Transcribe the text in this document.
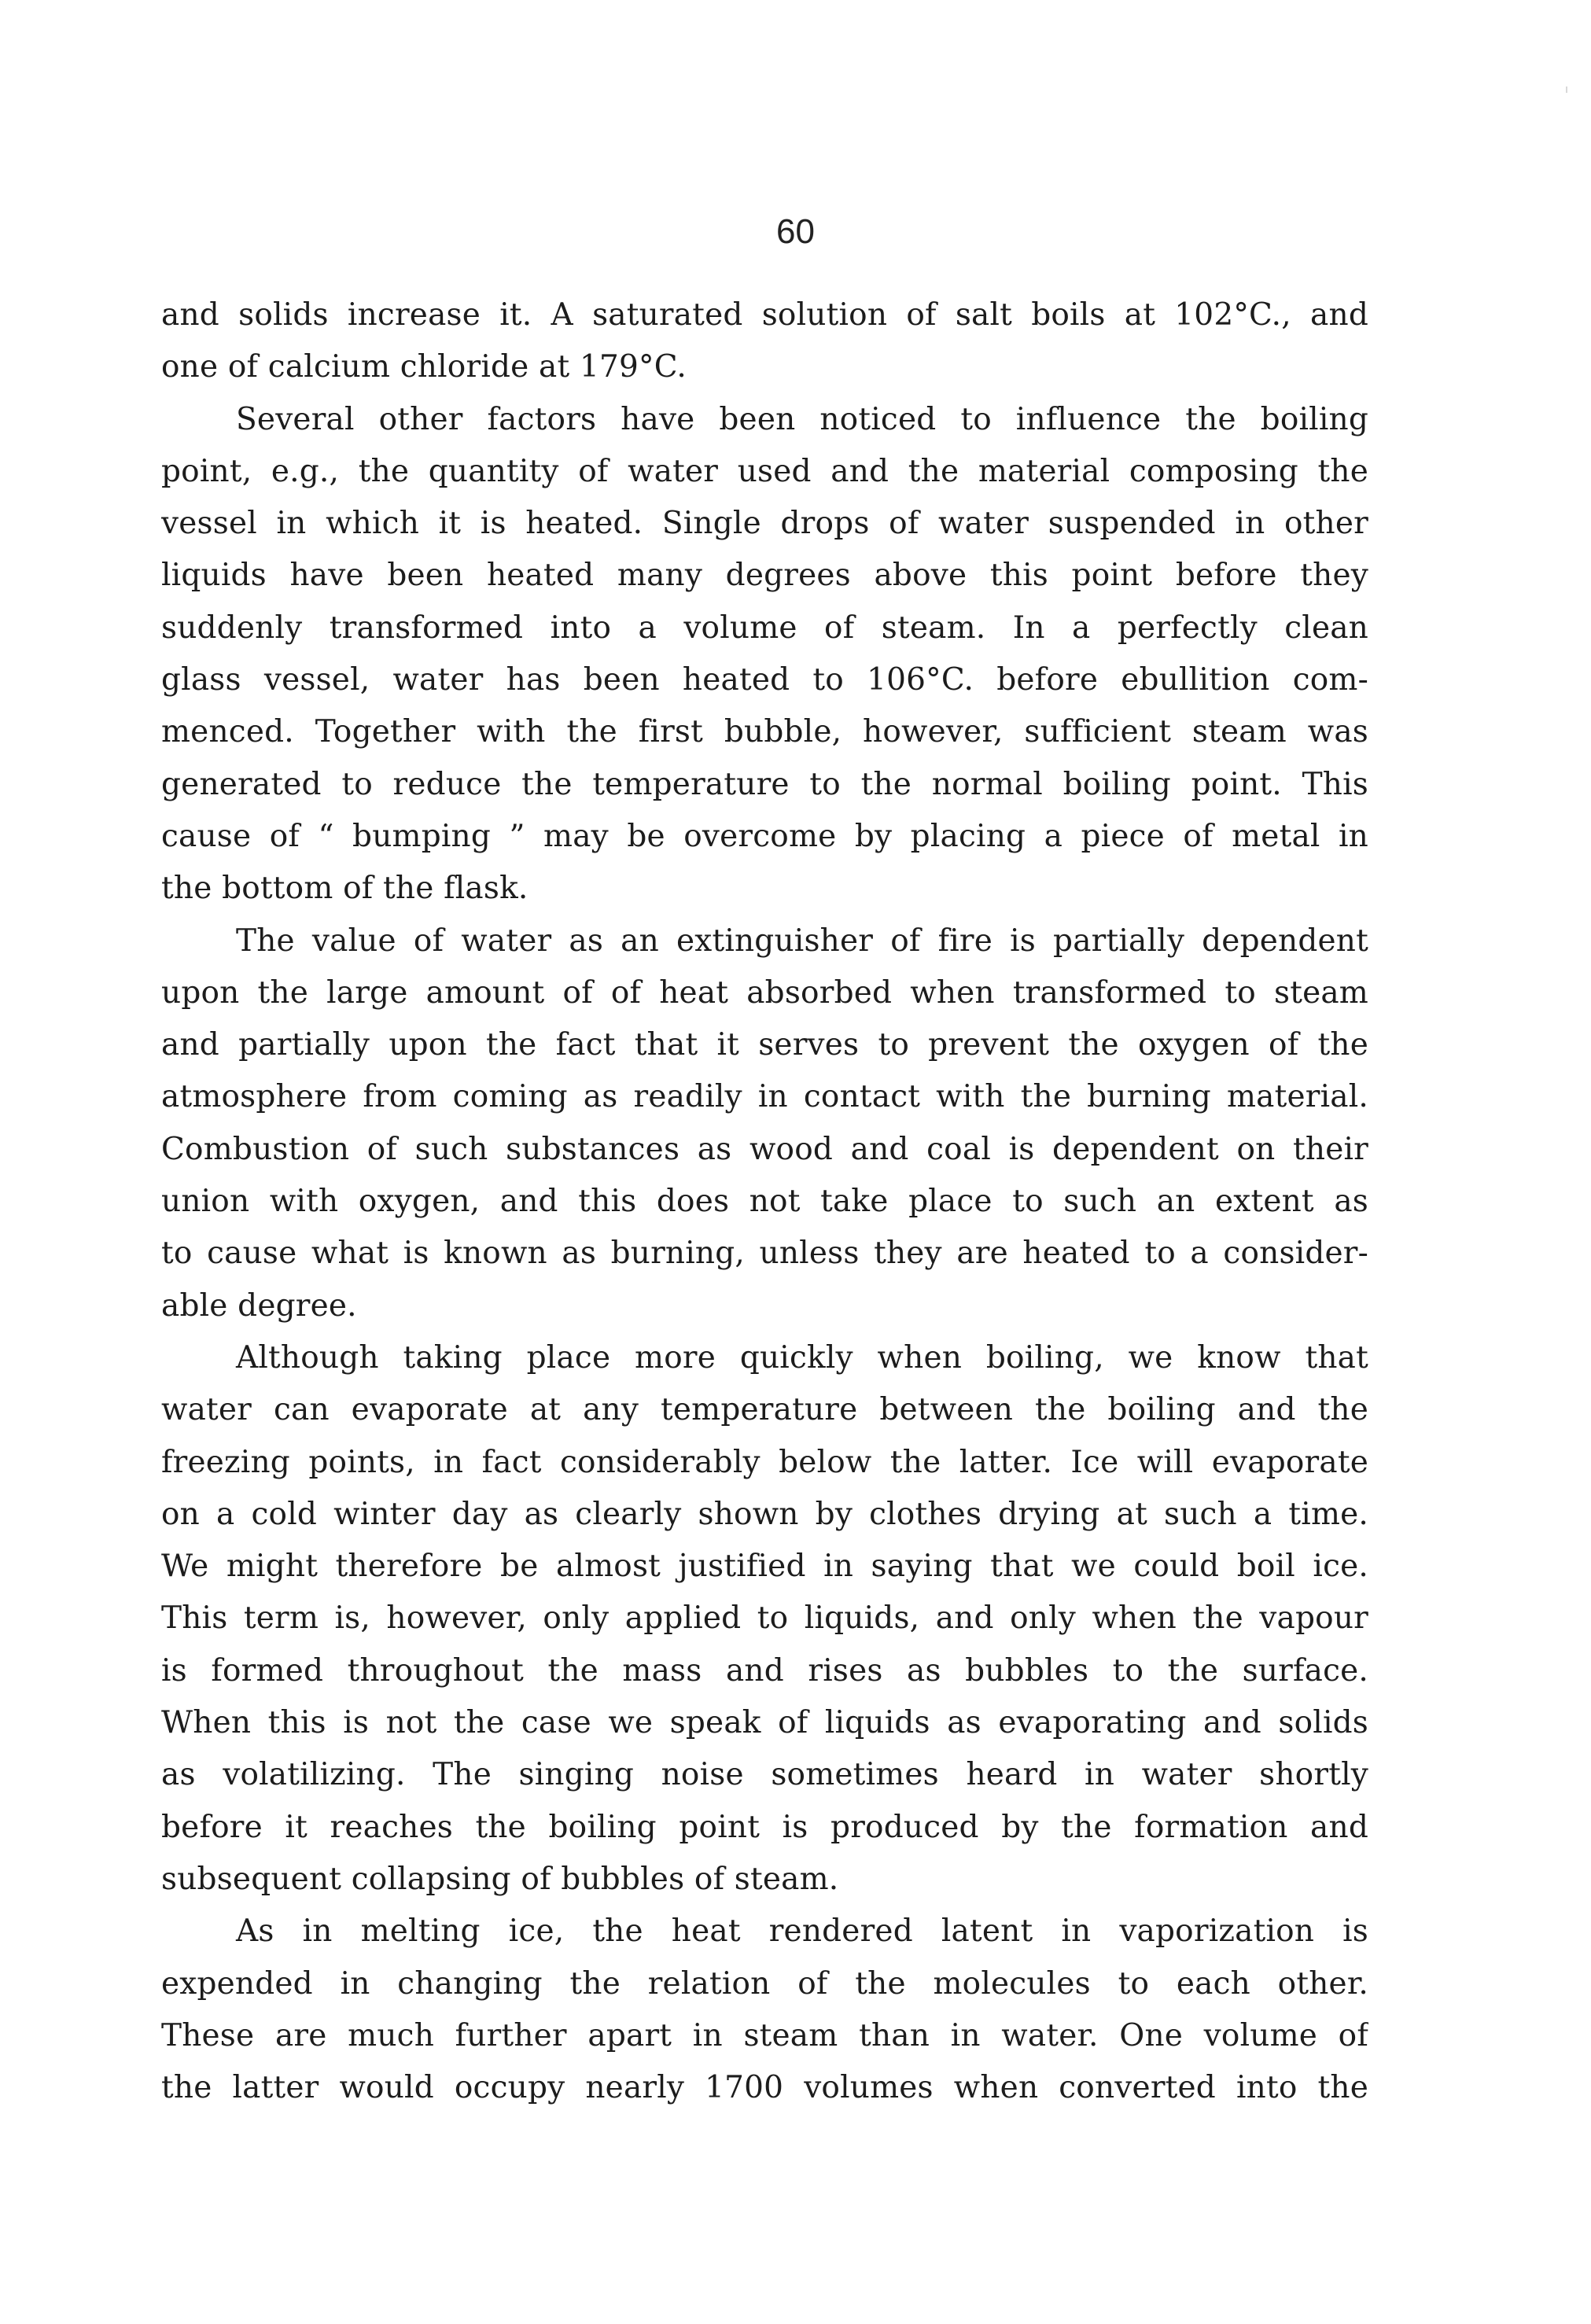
60
and solids increase it. A saturated solution of salt boils at 102°C., and
one of calcium chloride at 179°C.
Several other factors have been noticed to influence the boiling
point, e.g., the quantity of water used and the material composing the
vessel in which it is heated. Single drops of water suspended in other
liquids have been heated many degrees above this point before they
suddenly transformed into a volume of steam. In a perfectly clean
glass vessel, water has been heated to 106°C. before ebullition com-
menced. Together with the first bubble, however, sufficient steam was
generated to reduce the temperature to the normal boiling point. This
cause of “ bumping ” may be overcome by placing a piece of metal in
the bottom of the flask.
The value of water as an extinguisher of fire is partially dependent
upon the large amount of of heat absorbed when transformed to steam
and partially upon the fact that it serves to prevent the oxygen of the
atmosphere from coming as readily in contact with the burning material.
Combustion of such substances as wood and coal is dependent on their
union with oxygen, and this does not take place to such an extent as
to cause what is known as burning, unless they are heated to a consider-
able degree.
Although taking place more quickly when boiling, we know that
water can evaporate at any temperature between the boiling and the
freezing points, in fact considerably below the latter. Ice will evaporate
on a cold winter day as clearly shown by clothes drying at such a time.
We might therefore be almost justified in saying that we could boil ice.
This term is, however, only applied to liquids, and only when the vapour
is formed throughout the mass and rises as bubbles to the surface.
When this is not the case we speak of liquids as evaporating and solids
as volatilizing. The singing noise sometimes heard in water shortly
before it reaches the boiling point is produced by the formation and
subsequent collapsing of bubbles of steam.
As in melting ice, the heat rendered latent in vaporization is
expended in changing the relation of the molecules to each other.
These are much further apart in steam than in water. One volume of
the latter would occupy nearly 1700 volumes when converted into the
